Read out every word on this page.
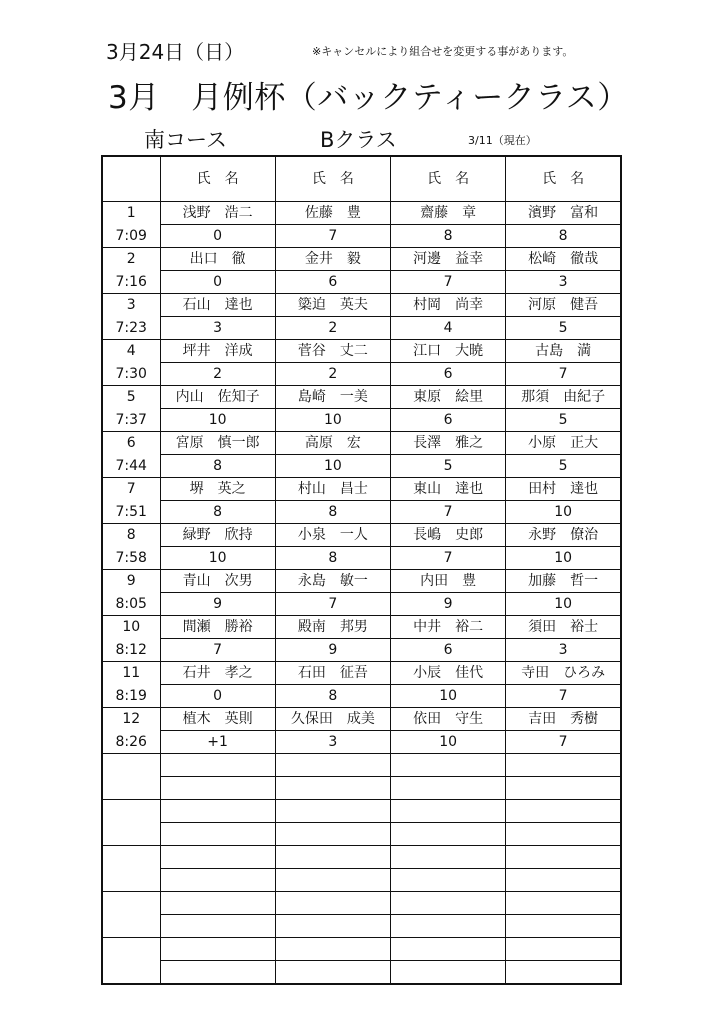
3月24日（日）	※キャンセルにより組合せを変更する事があります。
3月　月例杯（バックティークラス）
南コース	Bクラス	3/11（現在）
	氏　名	氏　名	氏　名	氏　名
1	浅野　浩二	佐藤　豊	齋藤　章	濱野　富和
7:09	0	7	8	8
2	出口　徹	金井　毅	河邊　益幸	松崎　徹哉
7:16	0	6	7	3
3	石山　達也	簗迫　英夫	村岡　尚幸	河原　健吾
7:23	3	2	4	5
4	坪井　洋成	菅谷　丈二	江口　大暁	古島　満
7:30	2	2	6	7
5	内山　佐知子	島崎　一美	東原　絵里	那須　由紀子
7:37	10	10	6	5
6	宮原　慎一郎	高原　宏	長澤　雅之	小原　正大
7:44	8	10	5	5
7	堺　英之	村山　昌士	東山　達也	田村　達也
7:51	8	8	7	10
8	緑野　欣持	小泉　一人	長嶋　史郎	永野　僚治
7:58	10	8	7	10
9	青山　次男	永島　敏一	内田　豊	加藤　哲一
8:05	9	7	9	10
10	間瀬　勝裕	殿南　邦男	中井　裕二	須田　裕士
8:12	7	9	6	3
11	石井　孝之	石田　征吾	小辰　佳代	寺田　ひろみ
8:19	0	8	10	7
12	植木　英則	久保田　成美	依田　守生	吉田　秀樹
8:26	+1	3	10	7
